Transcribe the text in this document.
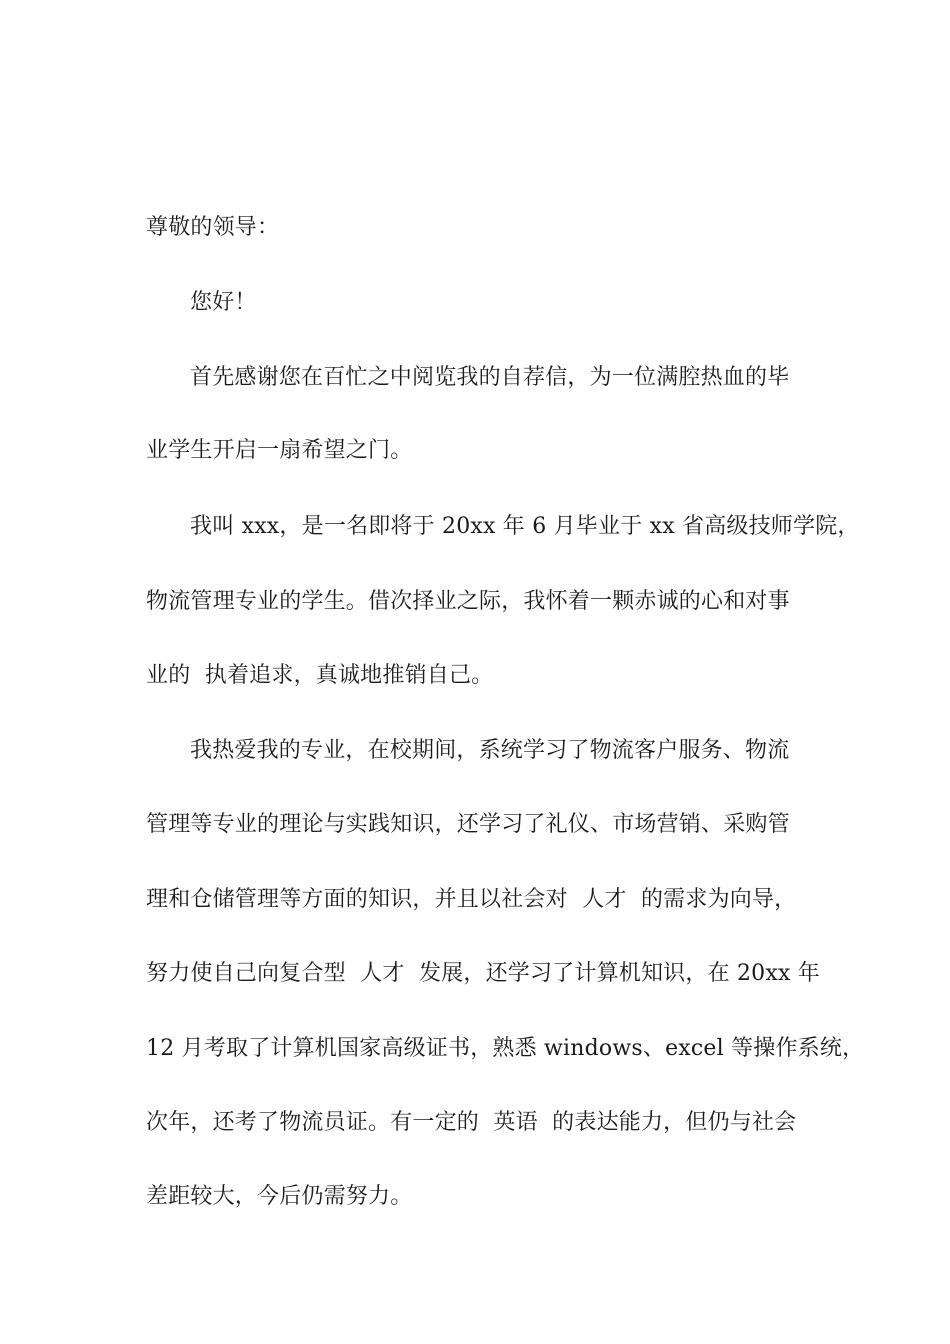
尊敬的领导：
您好！
首先感谢您在百忙之中阅览我的自荐信，为一位满腔热血的毕
业学生开启一扇希望之门。
我叫 xxx，是一名即将于 20xx 年 6 月毕业于 xx 省高级技师学院，
物流管理专业的学生。借次择业之际，我怀着一颗赤诚的心和对事
业的  执着追求，真诚地推销自己。
我热爱我的专业，在校期间，系统学习了物流客户服务、物流
管理等专业的理论与实践知识，还学习了礼仪、市场营销、采购管
理和仓储管理等方面的知识，并且以社会对  人才  的需求为向导，
努力使自己向复合型  人才  发展，还学习了计算机知识，在 20xx 年
12 月考取了计算机国家高级证书，熟悉 windows、excel 等操作系统，
次年，还考了物流员证。有一定的  英语  的表达能力，但仍与社会
差距较大，今后仍需努力。
